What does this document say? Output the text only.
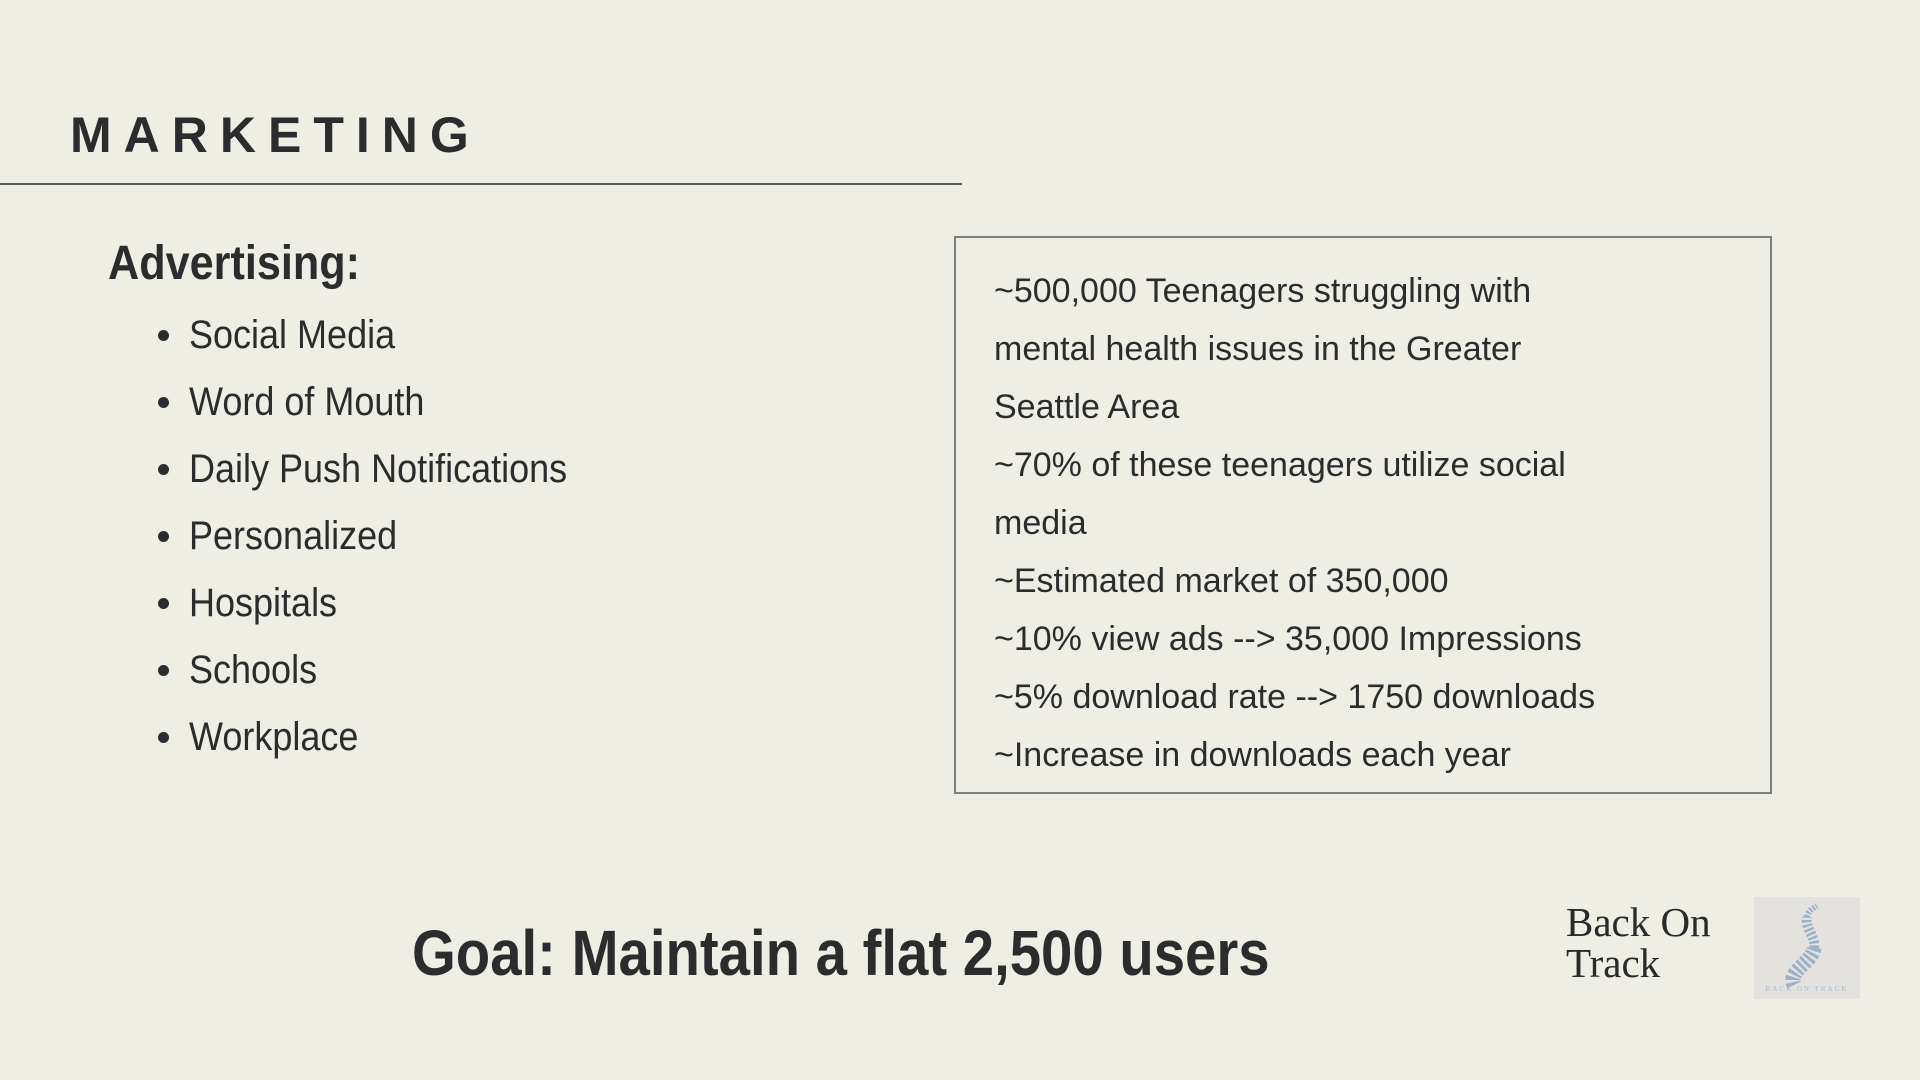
MARKETING
Advertising:
Social Media
Word of Mouth
Daily Push Notifications
Personalized
Hospitals
Schools
Workplace
~500,000 Teenagers struggling with
mental health issues in the Greater
Seattle Area
~70% of these teenagers utilize social
media
~Estimated market of 350,000
~10% view ads --> 35,000 Impressions
~5% download rate --> 1750 downloads
~Increase in downloads each year
Goal: Maintain a flat 2,500 users	Back On
Track
BACK ON TRACK
